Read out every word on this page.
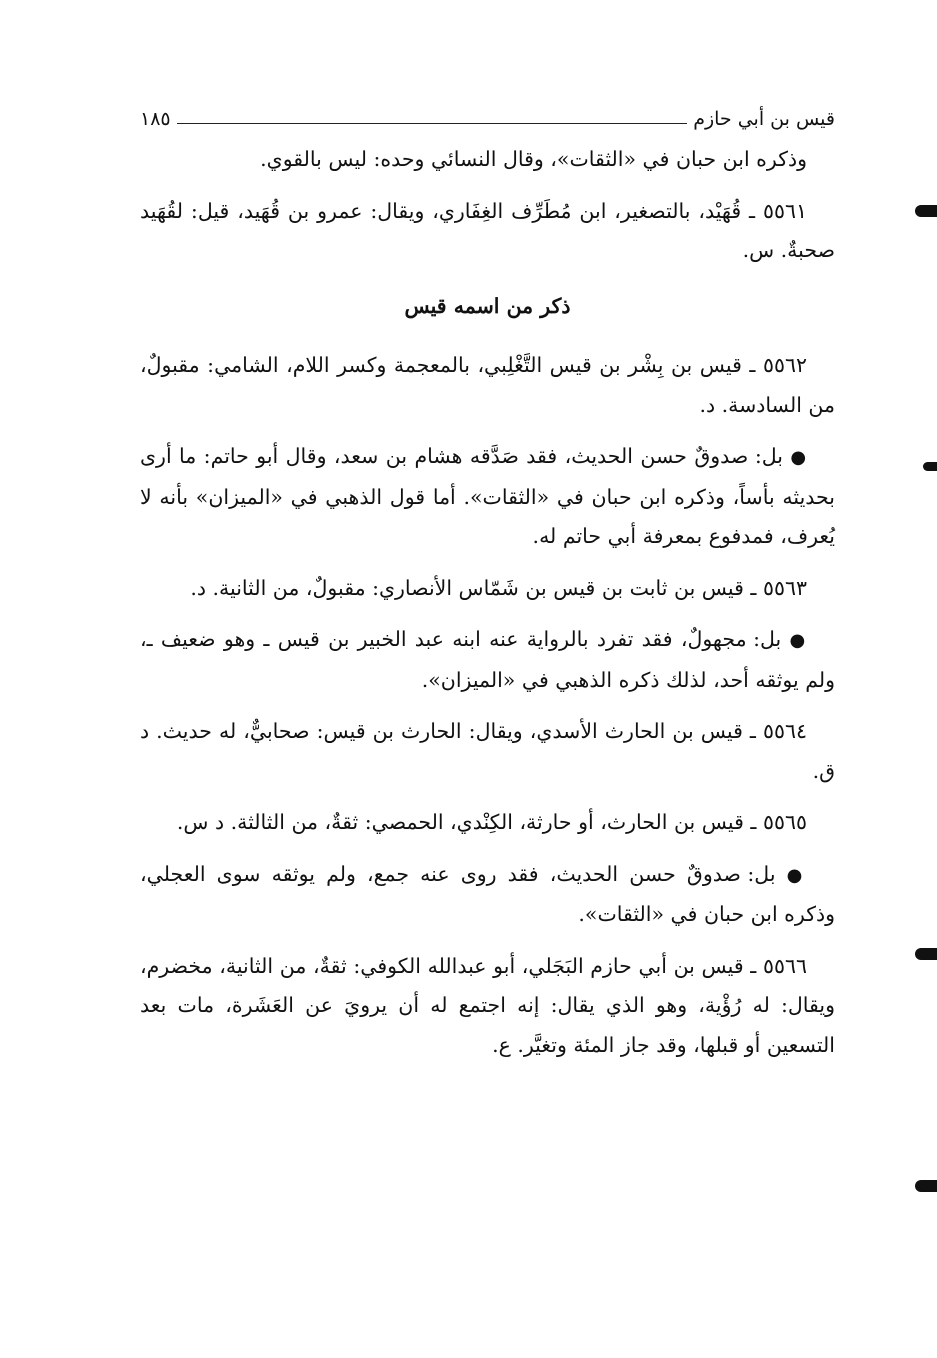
قيس بن أبي حازم
١٨٥

وذكره ابن حبان في «الثقات»، وقال النسائي وحده: ليس بالقوي.

٥٥٦١ ـ قُهَيْد، بالتصغير، ابن مُطَرِّف الغِفَاري، ويقال: عمرو بن قُهَيد، قيل: لقُهَيد صحبةٌ. س.

ذكر من اسمه قيس

٥٥٦٢ ـ قيس بن بِشْر بن قيس التَّغْلِبي، بالمعجمة وكسر اللام، الشامي: مقبولٌ، من السادسة. د.

● بل: صدوقٌ حسن الحديث، فقد صَدَّقه هشام بن سعد، وقال أبو حاتم: ما أرى بحديثه بأساً، وذكره ابن حبان في «الثقات». أما قول الذهبي في «الميزان» بأنه لا يُعرف، فمدفوع بمعرفة أبي حاتم له.

٥٥٦٣ ـ قيس بن ثابت بن قيس بن شَمّاس الأنصاري: مقبولٌ، من الثانية. د.

● بل: مجهولٌ، فقد تفرد بالرواية عنه ابنه عبد الخبير بن قيس ـ وهو ضعيف ـ، ولم يوثقه أحد، لذلك ذكره الذهبي في «الميزان».

٥٥٦٤ ـ قيس بن الحارث الأسدي، ويقال: الحارث بن قيس: صحابيٌّ، له حديث. د ق.

٥٥٦٥ ـ قيس بن الحارث، أو حارثة، الكِنْدي، الحمصي: ثقةٌ، من الثالثة. د س.

● بل: صدوقٌ حسن الحديث، فقد روى عنه جمع، ولم يوثقه سوى العجلي، وذكره ابن حبان في «الثقات».

٥٥٦٦ ـ قيس بن أبي حازم البَجَلي، أبو عبدالله الكوفي: ثقةٌ، من الثانية، مخضرم، ويقال: له رُؤْية، وهو الذي يقال: إنه اجتمع له أن يرويَ عن العَشَرة، مات بعد التسعين أو قبلها، وقد جاز المئة وتغيَّر. ع.
